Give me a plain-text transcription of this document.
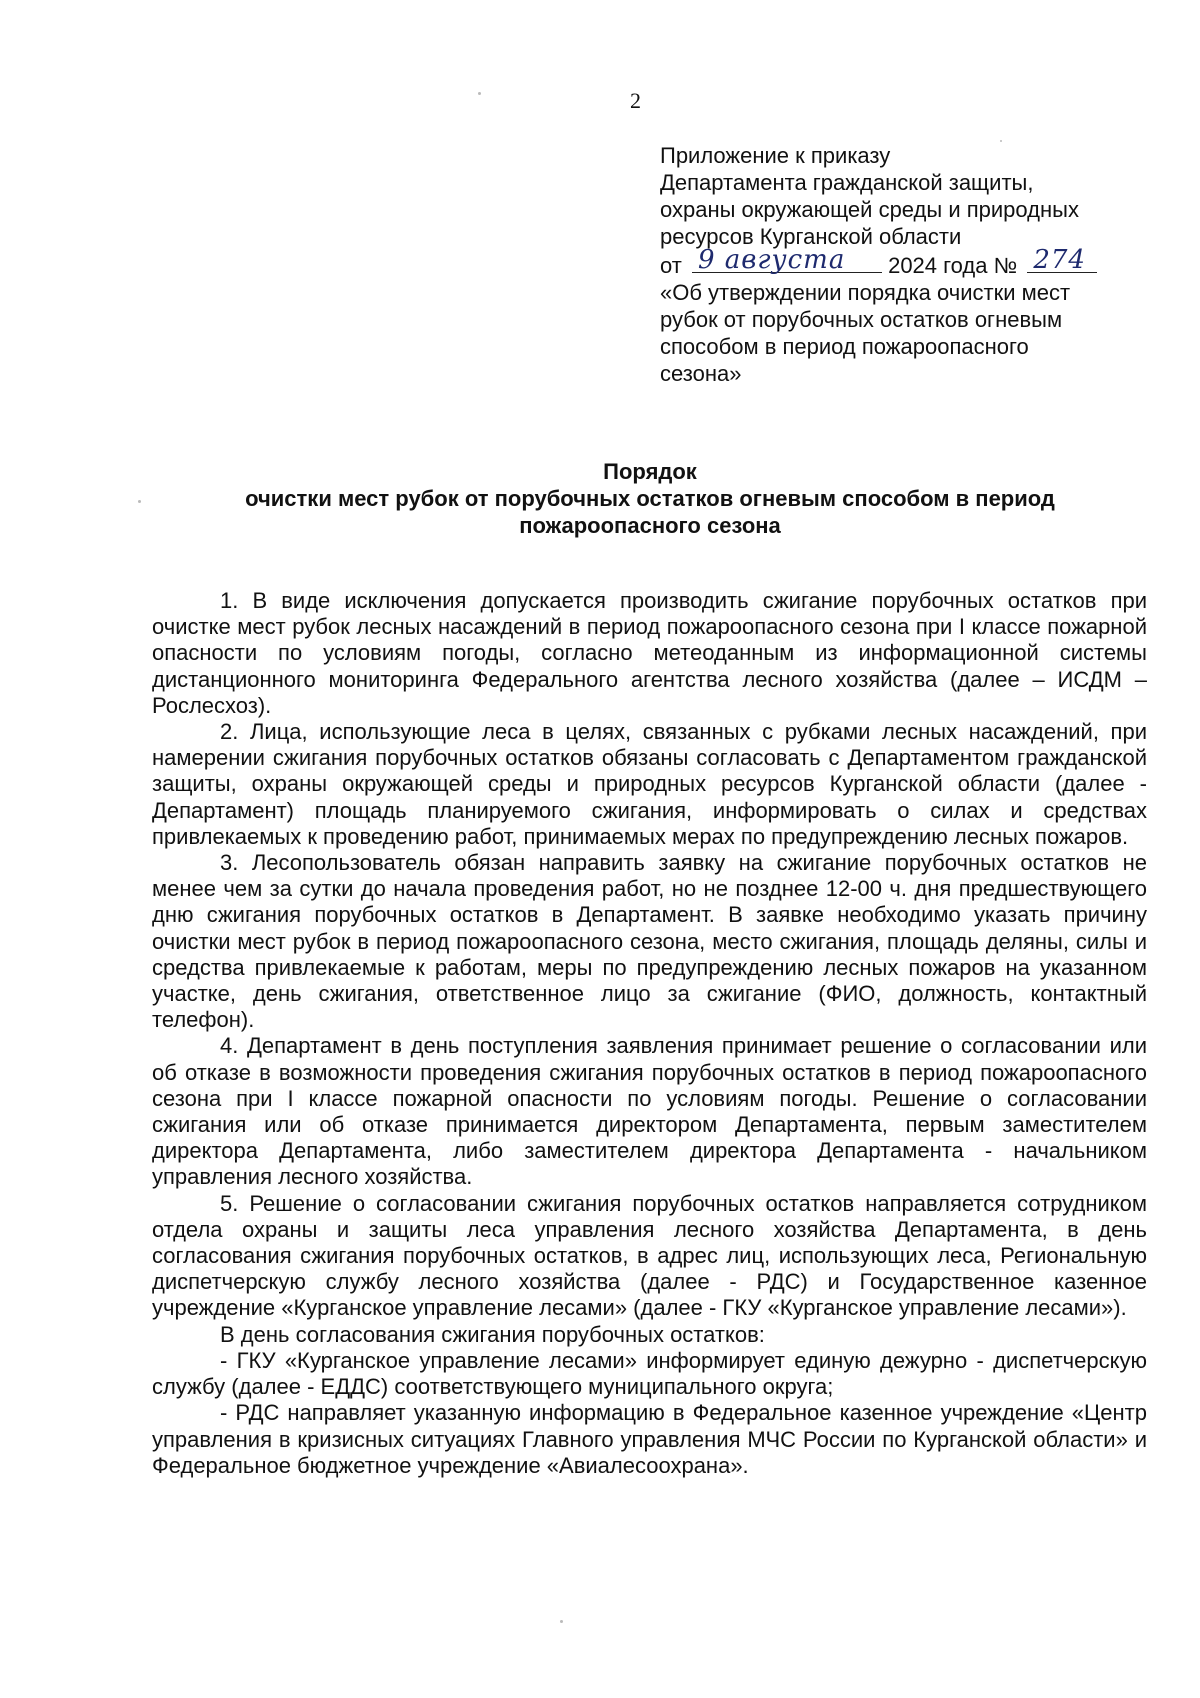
2
Приложение к приказу
Департамента гражданской защиты,
охраны окружающей среды и природных
ресурсов Курганской области
от 9 августа 2024 года № 274
«Об утверждении порядка очистки мест
рубок от порубочных остатков огневым
способом в период пожароопасного
сезона»
Порядок
очистки мест рубок от порубочных остатков огневым способом в период
пожароопасного сезона

1. В виде исключения допускается производить сжигание порубочных остатков при очистке мест рубок лесных насаждений в период пожароопасного сезона при I классе пожарной опасности по условиям погоды, согласно метеоданным из информационной системы дистанционного мониторинга Федерального агентства лесного хозяйства (далее – ИСДМ – Рослесхоз).

2. Лица, использующие леса в целях, связанных с рубками лесных насаждений, при намерении сжигания порубочных остатков обязаны согласовать с Департаментом гражданской защиты, охраны окружающей среды и природных ресурсов Курганской области (далее - Департамент) площадь планируемого сжигания, информировать о силах и средствах привлекаемых к проведению работ, принимаемых мерах по предупреждению лесных пожаров.

3. Лесопользователь обязан направить заявку на сжигание порубочных остатков не менее чем за сутки до начала проведения работ, но не позднее 12-00 ч. дня предшествующего дню сжигания порубочных остатков в Департамент. В заявке необходимо указать причину очистки мест рубок в период пожароопасного сезона, место сжигания, площадь деляны, силы и средства привлекаемые к работам, меры по предупреждению лесных пожаров на указанном участке, день сжигания, ответственное лицо за сжигание (ФИО, должность, контактный телефон).

4. Департамент в день поступления заявления принимает решение о согласовании или об отказе в возможности проведения сжигания порубочных остатков в период пожароопасного сезона при I классе пожарной опасности по условиям погоды. Решение о согласовании сжигания или об отказе принимается директором Департамента, первым заместителем директора Департамента, либо заместителем директора Департамента - начальником управления лесного хозяйства.

5. Решение о согласовании сжигания порубочных остатков направляется сотрудником отдела охраны и защиты леса управления лесного хозяйства Департамента, в день согласования сжигания порубочных остатков, в адрес лиц, использующих леса, Региональную диспетчерскую службу лесного хозяйства (далее - РДС) и Государственное казенное учреждение «Курганское управление лесами» (далее - ГКУ «Курганское управление лесами»).

В день согласования сжигания порубочных остатков:

- ГКУ «Курганское управление лесами» информирует единую дежурно - диспетчерскую службу (далее - ЕДДС) соответствующего муниципального округа;

- РДС направляет указанную информацию в Федеральное казенное учреждение «Центр управления в кризисных ситуациях Главного управления МЧС России по Курганской области» и Федеральное бюджетное учреждение «Авиалесоохрана».
